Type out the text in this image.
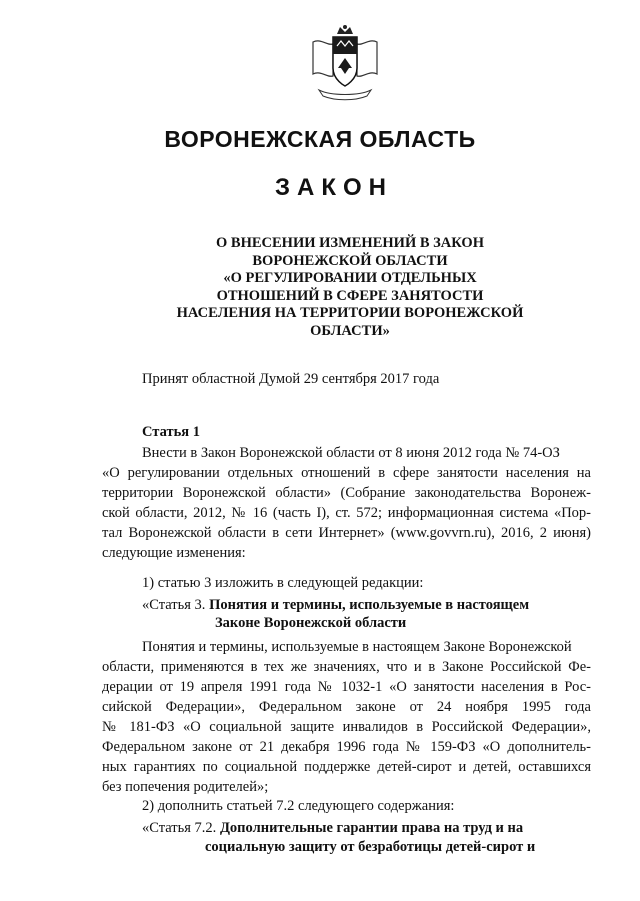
ВОРОНЕЖСКАЯ ОБЛАСТЬ
ЗАКОН
О ВНЕСЕНИИ ИЗМЕНЕНИЙ В ЗАКОН
ВОРОНЕЖСКОЙ ОБЛАСТИ
«О РЕГУЛИРОВАНИИ ОТДЕЛЬНЫХ
ОТНОШЕНИЙ В СФЕРЕ ЗАНЯТОСТИ
НАСЕЛЕНИЯ НА ТЕРРИТОРИИ ВОРОНЕЖСКОЙ
ОБЛАСТИ»
Принят областной Думой 29 сентября 2017 года
Статья 1
Внести в Закон Воронежской области от 8 июня 2012 года № 74-ОЗ
«О регулировании отдельных отношений в сфере занятости населения на
территории Воронежской области» (Собрание законодательства Воронеж-
ской области, 2012, № 16 (часть I), ст. 572; информационная система «Пор-
тал Воронежской области в сети Интернет» (www.govvrn.ru), 2016, 2 июня)
следующие изменения:
1) статью 3 изложить в следующей редакции:
«Статья 3. Понятия и термины, используемые в настоящем
Законе Воронежской области
Понятия и термины, используемые в настоящем Законе Воронежской
области, применяются в тех же значениях, что и в Законе Российской Фе-
дерации от 19 апреля 1991 года № 1032-1 «О занятости населения в Рос-
сийской Федерации», Федеральном законе от 24 ноября 1995 года
№ 181-ФЗ «О социальной защите инвалидов в Российской Федерации»,
Федеральном законе от 21 декабря 1996 года № 159-ФЗ «О дополнитель-
ных гарантиях по социальной поддержке детей-сирот и детей, оставшихся
без попечения родителей»;
2) дополнить статьей 7.2 следующего содержания:
«Статья 7.2. Дополнительные гарантии права на труд и на
социальную защиту от безработицы детей-сирот и
